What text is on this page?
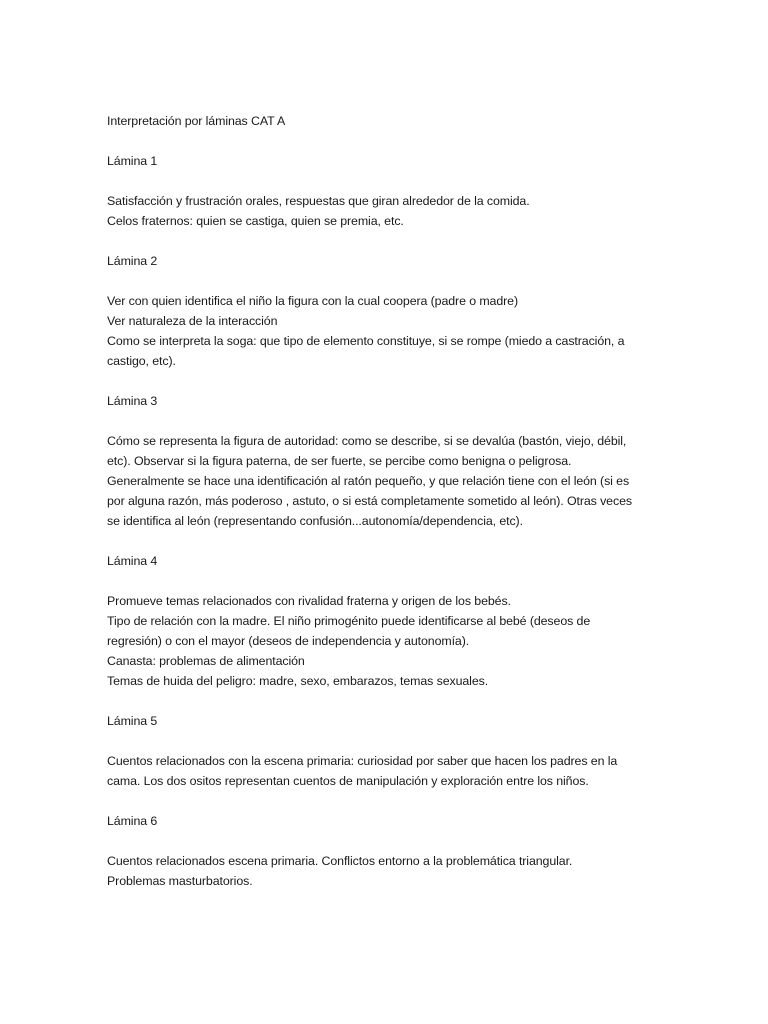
Interpretación por láminas CAT A
Lámina 1
Satisfacción y frustración orales, respuestas que giran alrededor de la comida.
Celos fraternos: quien se castiga, quien se premia, etc.
Lámina 2
Ver con quien identifica el niño la figura con la cual coopera (padre o madre)
Ver naturaleza de la interacción
Como se interpreta la soga: que tipo de elemento constituye, si se rompe (miedo a castración, a
castigo, etc).
Lámina 3
Cómo se representa la figura de autoridad: como se describe, si se devalúa (bastón, viejo, débil,
etc). Observar si la figura paterna, de ser fuerte, se percibe como benigna o peligrosa.
Generalmente se hace una identificación al ratón pequeño, y que relación tiene con el león (si es
por alguna razón, más poderoso , astuto, o si está completamente sometido al león). Otras veces
se identifica al león (representando confusión...autonomía/dependencia, etc).
Lámina 4
Promueve temas relacionados con rivalidad fraterna y origen de los bebés.
Tipo de relación con la madre. El niño primogénito puede identificarse al bebé (deseos de
regresión) o con el mayor (deseos de independencia y autonomía).
Canasta: problemas de alimentación
Temas de huida del peligro: madre, sexo, embarazos, temas sexuales.
Lámina 5
Cuentos relacionados con la escena primaria: curiosidad por saber que hacen los padres en la
cama. Los dos ositos representan cuentos de manipulación y exploración entre los niños.
Lámina 6
Cuentos relacionados escena primaria. Conflictos entorno a la problemática triangular.
Problemas masturbatorios.
